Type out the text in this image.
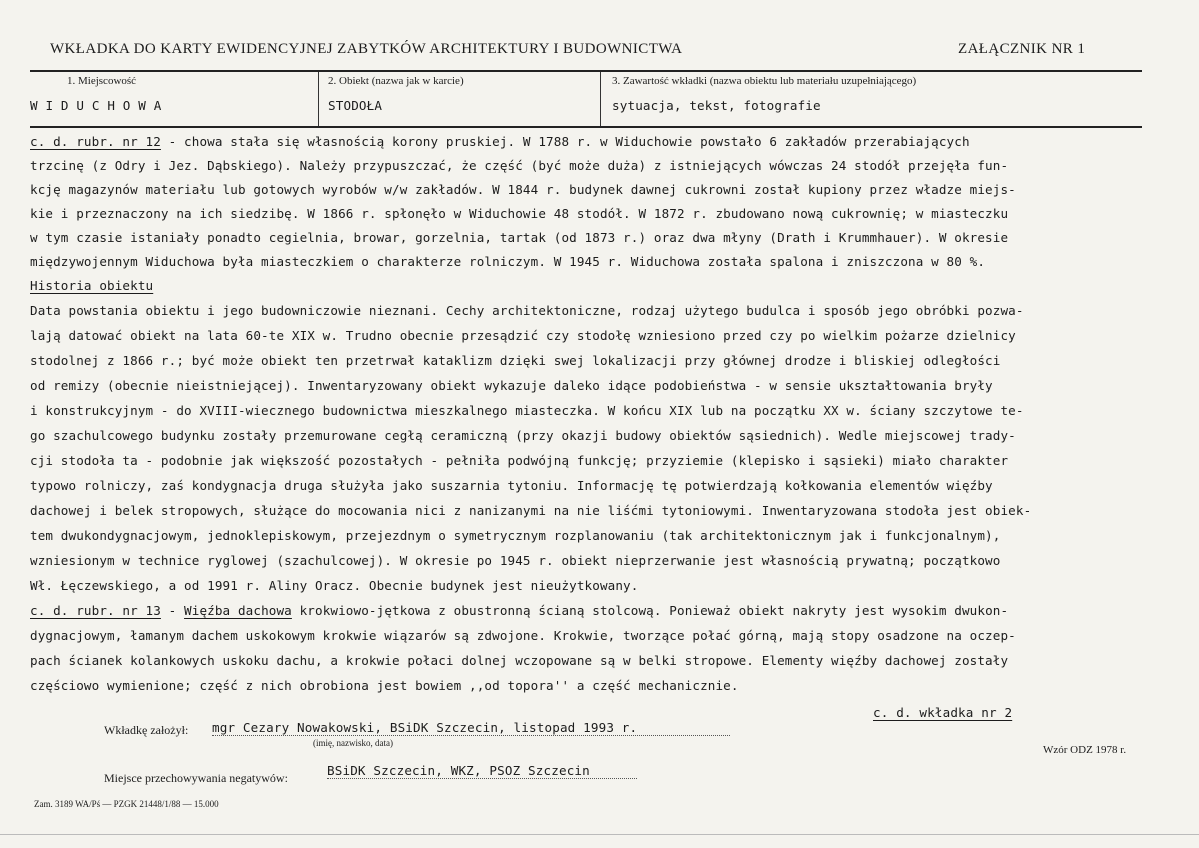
WKŁADKA DO KARTY EWIDENCYJNEJ ZABYTKÓW ARCHITEKTURY I BUDOWNICTWA	ZAŁĄCZNIK NR 1
1. Miejscowość	2. Obiekt (nazwa jak w karcie)	3. Zawartość wkładki (nazwa obiektu lub materiału uzupełniającego)
W I D U C H O W A	STODOŁA	sytuacja, tekst, fotografie
c. d. rubr. nr 12 - chowa stała się własnością korony pruskiej. W 1788 r. w Widuchowie powstało 6 zakładów przerabiających
trzcinę (z Odry i Jez. Dąbskiego). Należy przypuszczać, że część (być może duża) z istniejących wówczas 24 stodół przejęła fun-
kcję magazynów materiału lub gotowych wyrobów w/w zakładów. W 1844 r. budynek dawnej cukrowni został kupiony przez władze miejs-
kie i przeznaczony na ich siedzibę. W 1866 r. spłonęło w Widuchowie 48 stodół. W 1872 r. zbudowano nową cukrownię; w miasteczku
w tym czasie istaniały ponadto cegielnia, browar, gorzelnia, tartak (od 1873 r.) oraz dwa młyny (Drath i Krummhauer). W okresie
międzywojennym Widuchowa była miasteczkiem o charakterze rolniczym. W 1945 r. Widuchowa została spalona i zniszczona w 80 %.
Historia obiektu
Data powstania obiektu i jego budowniczowie nieznani. Cechy architektoniczne, rodzaj użytego budulca i sposób jego obróbki pozwa-
lają datować obiekt na lata 60-te XIX w. Trudno obecnie przesądzić czy stodołę wzniesiono przed czy po wielkim pożarze dzielnicy
stodolnej z 1866 r.; być może obiekt ten przetrwał kataklizm dzięki swej lokalizacji przy głównej drodze i bliskiej odległości
od remizy (obecnie nieistniejącej). Inwentaryzowany obiekt wykazuje daleko idące podobieństwa - w sensie ukształtowania bryły
i konstrukcyjnym - do XVIII-wiecznego budownictwa mieszkalnego miasteczka. W końcu XIX lub na początku XX w. ściany szczytowe te-
go szachulcowego budynku zostały przemurowane cegłą ceramiczną (przy okazji budowy obiektów sąsiednich). Wedle miejscowej trady-
cji stodoła ta - podobnie jak większość pozostałych - pełniła podwójną funkcję; przyziemie (klepisko i sąsieki) miało charakter
typowo rolniczy, zaś kondygnacja druga służyła jako suszarnia tytoniu. Informację tę potwierdzają kołkowania elementów więźby
dachowej i belek stropowych, służące do mocowania nici z nanizanymi na nie liśćmi tytoniowymi. Inwentaryzowana stodoła jest obiek-
tem dwukondygnacjowym, jednoklepiskowym, przejezdnym o symetrycznym rozplanowaniu (tak architektonicznym jak i funkcjonalnym),
wzniesionym w technice ryglowej (szachulcowej). W okresie po 1945 r. obiekt nieprzerwanie jest własnością prywatną; początkowo
Wł. Łęczewskiego, a od 1991 r. Aliny Oracz. Obecnie budynek jest nieużytkowany.
c. d. rubr. nr 13 - Więźba dachowa krokwiowo-jętkowa z obustronną ścianą stolcową. Ponieważ obiekt nakryty jest wysokim dwukon-
dygnacjowym, łamanym dachem uskokowym krokwie wiązarów są zdwojone. Krokwie, tworzące połać górną, mają stopy osadzone na oczep-
pach ścianek kolankowych uskoku dachu, a krokwie połaci dolnej wczopowane są w belki stropowe. Elementy więźby dachowej zostały
częściowo wymienione; część z nich obrobiona jest bowiem ,,od topora'' a część mechanicznie.
c. d. wkładka nr 2
Wkładkę założył: mgr Cezary Nowakowski, BSiDK Szczecin, listopad 1993 r.
(imię, nazwisko, data)
Wzór ODZ 1978 r.
Miejsce przechowywania negatywów:	BSiDK Szczecin, WKZ, PSOZ Szczecin
Zam. 3189 WA/Pś — PZGK 21448/1/88 — 15.000
